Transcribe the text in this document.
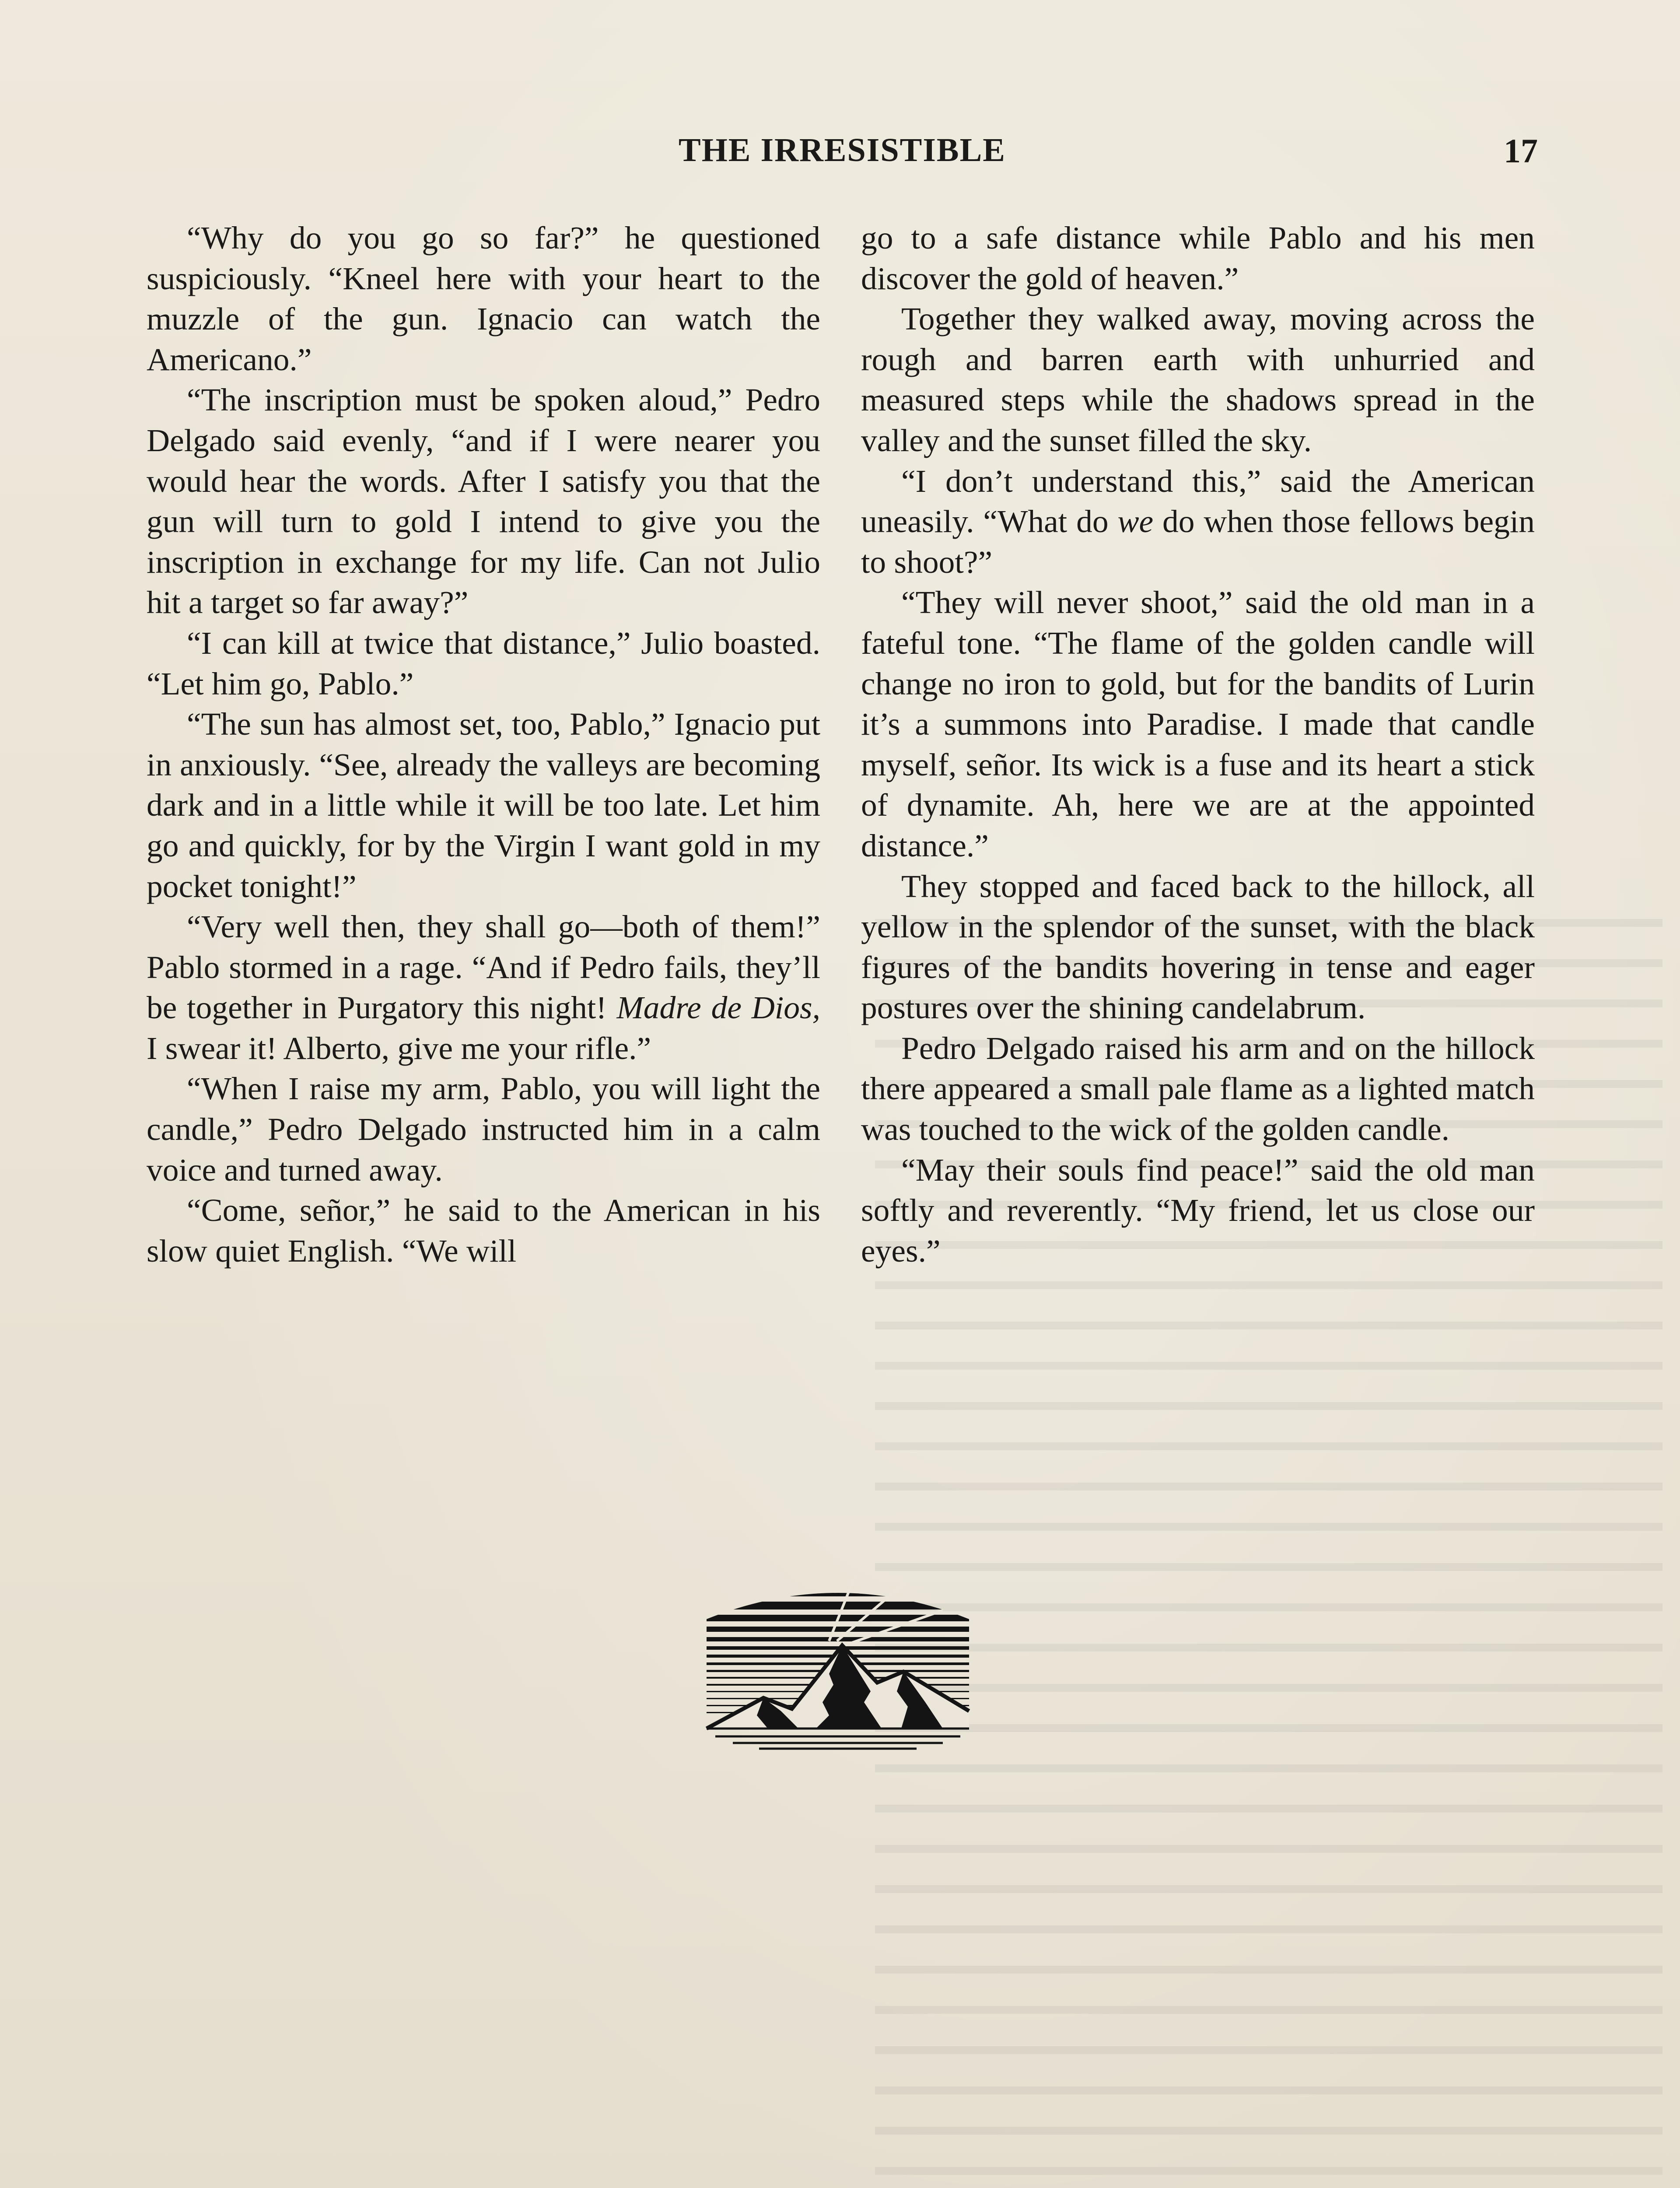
THE IRRESISTIBLE	17

“Why do you go so far?” he questioned suspiciously. “Kneel here with your heart to the muzzle of the gun. Ignacio can watch the Americano.”

“The inscription must be spoken aloud,” Pedro Delgado said evenly, “and if I were nearer you would hear the words. After I satisfy you that the gun will turn to gold I intend to give you the inscription in exchange for my life. Can not Julio hit a target so far away?”

“I can kill at twice that distance,” Julio boasted. “Let him go, Pablo.”

“The sun has almost set, too, Pablo,” Ignacio put in anxiously. “See, already the valleys are becoming dark and in a little while it will be too late. Let him go and quickly, for by the Virgin I want gold in my pocket tonight!”

“Very well then, they shall go—both of them!” Pablo stormed in a rage. “And if Pedro fails, they’ll be together in Purgatory this night! Madre de Dios, I swear it! Alberto, give me your rifle.”

“When I raise my arm, Pablo, you will light the candle,” Pedro Delgado instructed him in a calm voice and turned away.

“Come, señor,” he said to the American in his slow quiet English. “We will

go to a safe distance while Pablo and his men discover the gold of heaven.”

Together they walked away, moving across the rough and barren earth with unhurried and measured steps while the shadows spread in the valley and the sunset filled the sky.

“I don’t understand this,” said the American uneasily. “What do we do when those fellows begin to shoot?”

“They will never shoot,” said the old man in a fateful tone. “The flame of the golden candle will change no iron to gold, but for the bandits of Lurin it’s a summons into Paradise. I made that candle myself, señor. Its wick is a fuse and its heart a stick of dynamite. Ah, here we are at the appointed distance.”

They stopped and faced back to the hillock, all yellow in the splendor of the sunset, with the black figures of the bandits hovering in tense and eager postures over the shining candelabrum.

Pedro Delgado raised his arm and on the hillock there appeared a small pale flame as a lighted match was touched to the wick of the golden candle.

“May their souls find peace!” said the old man softly and reverently. “My friend, let us close our eyes.”
